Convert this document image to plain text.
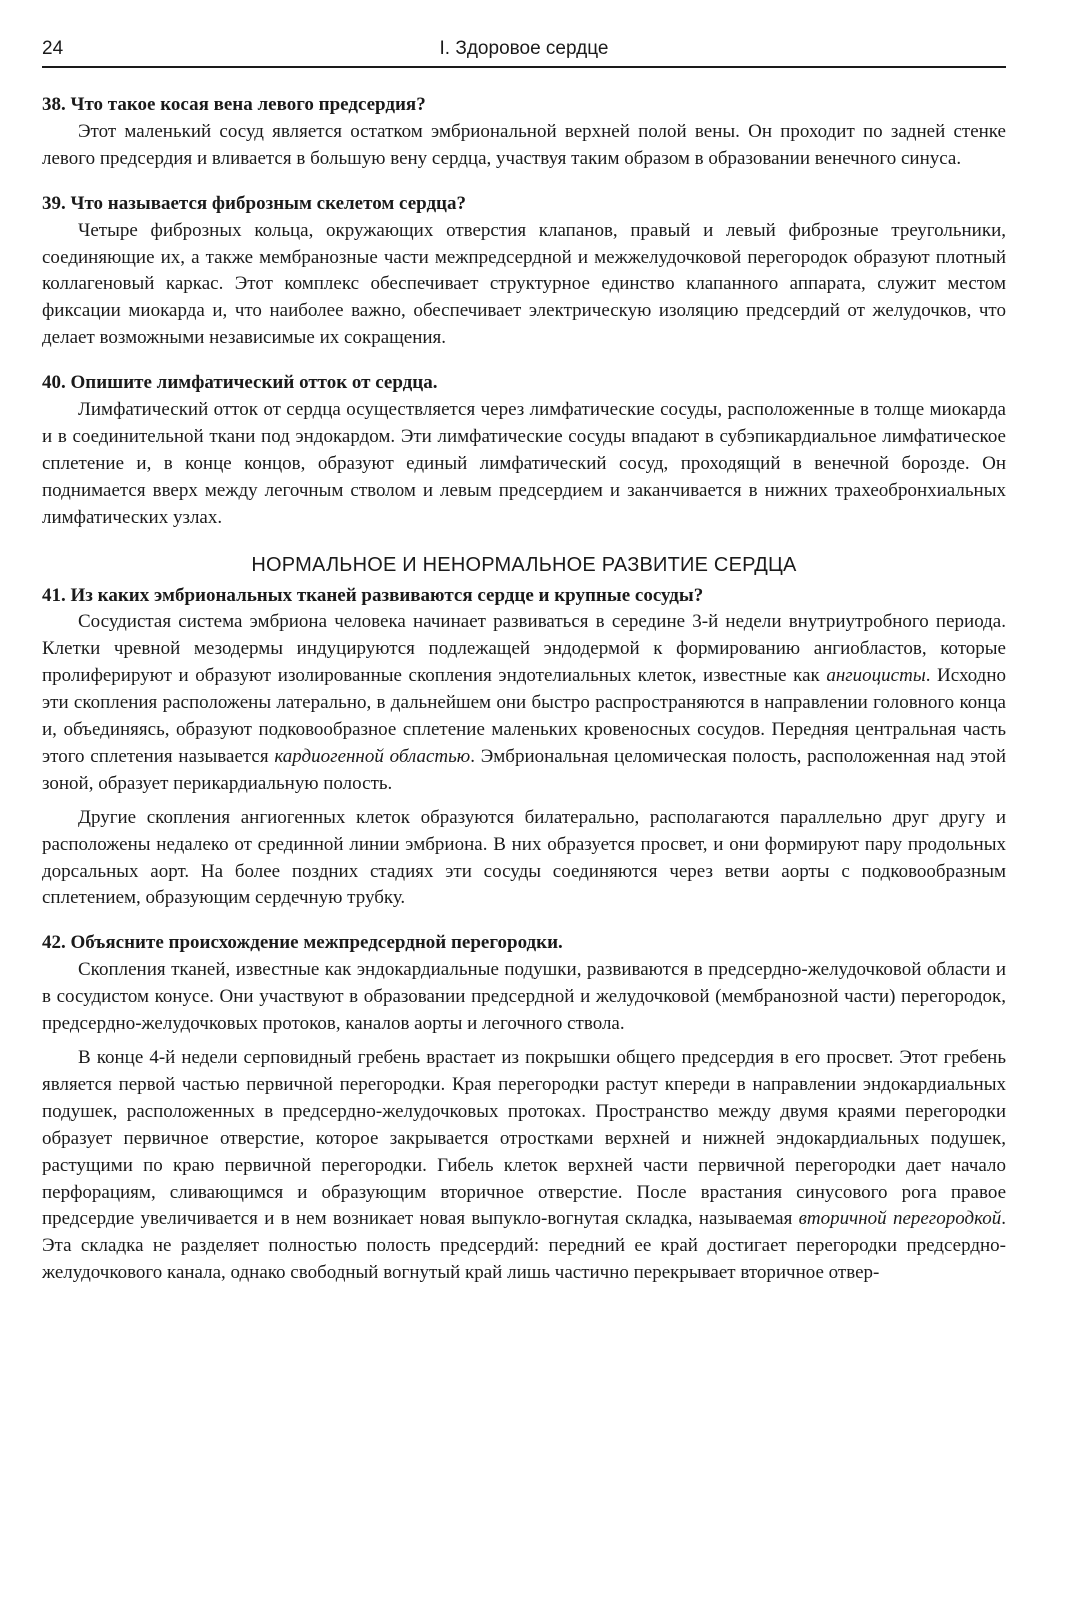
24	I. Здоровое сердце

38. Что такое косая вена левого предсердия?

Этот маленький сосуд является остатком эмбриональной верхней полой вены. Он проходит по задней стенке левого предсердия и вливается в большую вену сердца, участвуя таким образом в образовании венечного синуса.

39. Что называется фиброзным скелетом сердца?

Четыре фиброзных кольца, окружающих отверстия клапанов, правый и левый фиброзные треугольники, соединяющие их, а также мембранозные части межпредсердной и межжелудочковой перегородок образуют плотный коллагеновый каркас. Этот комплекс обеспечивает структурное единство клапанного аппарата, служит местом фиксации миокарда и, что наиболее важно, обеспечивает электрическую изоляцию предсердий от желудочков, что делает возможными независимые их сокращения.

40. Опишите лимфатический отток от сердца.

Лимфатический отток от сердца осуществляется через лимфатические сосуды, расположенные в толще миокарда и в соединительной ткани под эндокардом. Эти лимфатические сосуды впадают в субэпикардиальное лимфатическое сплетение и, в конце концов, образуют единый лимфатический сосуд, проходящий в венечной борозде. Он поднимается вверх между легочным стволом и левым предсердием и заканчивается в нижних трахеобронхиальных лимфатических узлах.

НОРМАЛЬНОЕ И НЕНОРМАЛЬНОЕ РАЗВИТИЕ СЕРДЦА

41. Из каких эмбриональных тканей развиваются сердце и крупные сосуды?

Сосудистая система эмбриона человека начинает развиваться в середине 3-й недели внутриутробного периода. Клетки чревной мезодермы индуцируются подлежащей эндодермой к формированию ангиобластов, которые пролиферируют и образуют изолированные скопления эндотелиальных клеток, известные как ангиоцисты. Исходно эти скопления расположены латерально, в дальнейшем они быстро распространяются в направлении головного конца и, объединяясь, образуют подковообразное сплетение маленьких кровеносных сосудов. Передняя центральная часть этого сплетения называется кардиогенной областью. Эмбриональная целомическая полость, расположенная над этой зоной, образует перикардиальную полость.

Другие скопления ангиогенных клеток образуются билатерально, располагаются параллельно друг другу и расположены недалеко от срединной линии эмбриона. В них образуется просвет, и они формируют пару продольных дорсальных аорт. На более поздних стадиях эти сосуды соединяются через ветви аорты с подковообразным сплетением, образующим сердечную трубку.

42. Объясните происхождение межпредсердной перегородки.

Скопления тканей, известные как эндокардиальные подушки, развиваются в предсердно-желудочковой области и в сосудистом конусе. Они участвуют в образовании предсердной и желудочковой (мембранозной части) перегородок, предсердно-желудочковых протоков, каналов аорты и легочного ствола.

В конце 4-й недели серповидный гребень врастает из покрышки общего предсердия в его просвет. Этот гребень является первой частью первичной перегородки. Края перегородки растут кпереди в направлении эндокардиальных подушек, расположенных в предсердно-желудочковых протоках. Пространство между двумя краями перегородки образует первичное отверстие, которое закрывается отростками верхней и нижней эндокардиальных подушек, растущими по краю первичной перегородки. Гибель клеток верхней части первичной перегородки дает начало перфорациям, сливающимся и образующим вторичное отверстие. После врастания синусового рога правое предсердие увеличивается и в нем возникает новая выпукло-вогнутая складка, называемая вторичной перегородкой. Эта складка не разделяет полностью полость предсердий: передний ее край достигает перегородки предсердно-желудочкового канала, однако свободный вогнутый край лишь частично перекрывает вторичное отвер-
